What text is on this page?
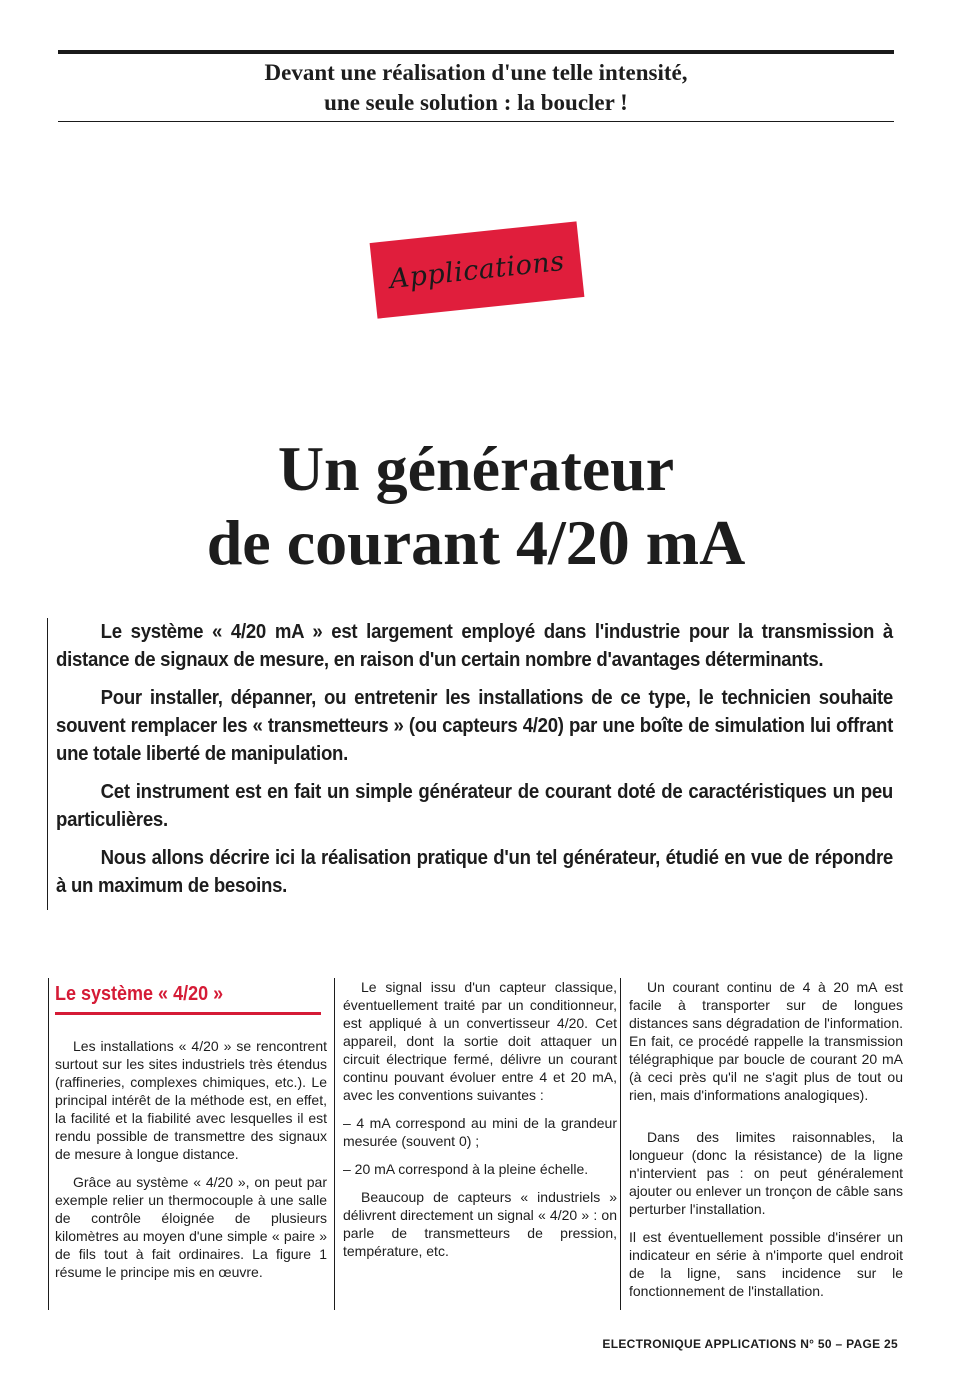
Devant une réalisation d'une telle intensité,
une seule solution : la boucler !
Applications
Un générateur
de courant 4/20 mA

Le système « 4/20 mA » est largement employé dans l'industrie pour la transmission à distance de signaux de mesure, en raison d'un certain nombre d'avantages déterminants.

Pour installer, dépanner, ou entretenir les installations de ce type, le technicien souhaite souvent remplacer les « transmetteurs » (ou capteurs 4/20) par une boîte de simulation lui offrant une totale liberté de manipulation.

Cet instrument est en fait un simple générateur de courant doté de caractéristiques un peu particulières.

Nous allons décrire ici la réalisation pratique d'un tel générateur, étudié en vue de répondre à un maximum de besoins.

Le système « 4/20 »

Les installations « 4/20 » se rencontrent surtout sur les sites industriels très étendus (raffineries, complexes chimiques, etc.). Le principal intérêt de la méthode est, en effet, la facilité et la fiabilité avec lesquelles il est rendu possible de transmettre des signaux de mesure à longue distance.

Grâce au système « 4/20 », on peut par exemple relier un thermocouple à une salle de contrôle éloignée de plusieurs kilomètres au moyen d'une simple « paire » de fils tout à fait ordinaires. La figure 1 résume le principe mis en œuvre.

Le signal issu d'un capteur classique, éventuellement traité par un conditionneur, est appliqué à un convertisseur 4/20. Cet appareil, dont la sortie doit attaquer un circuit électrique fermé, délivre un courant continu pouvant évoluer entre 4 et 20 mA, avec les conventions suivantes :

– 4 mA correspond au mini de la grandeur mesurée (souvent 0) ;

– 20 mA correspond à la pleine échelle.

Beaucoup de capteurs « industriels » délivrent directement un signal « 4/20 » : on parle de transmetteurs de pression, température, etc.

Un courant continu de 4 à 20 mA est facile à transporter sur de longues distances sans dégradation de l'information. En fait, ce procédé rappelle la transmission télégraphique par boucle de courant 20 mA (à ceci près qu'il ne s'agit plus de tout ou rien, mais d'informations analogiques).

Dans des limites raisonnables, la longueur (donc la résistance) de la ligne n'intervient pas : on peut généralement ajouter ou enlever un tronçon de câble sans perturber l'installation.

Il est éventuellement possible d'insérer un indicateur en série à n'importe quel endroit de la ligne, sans incidence sur le fonctionnement de l'installation.

ELECTRONIQUE APPLICATIONS N° 50 – PAGE 25
